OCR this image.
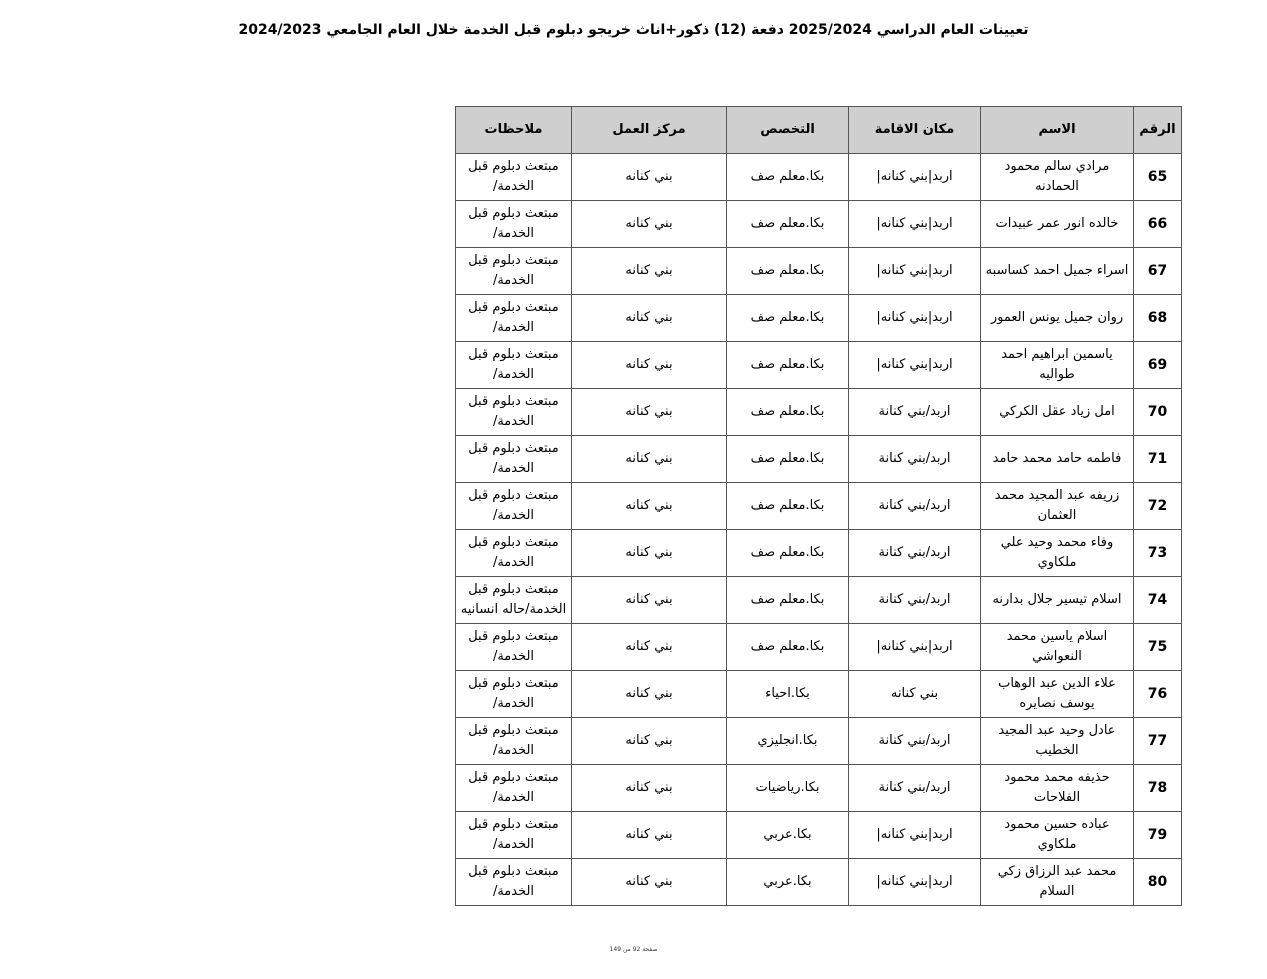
تعيينات العام الدراسي 2025/2024 دفعة (12) ذكور+اناث خريجو دبلوم قبل الخدمة خلال العام الجامعي 2024/2023
الرقم	الاسم	مكان الاقامة	التخصص	مركز العمل	ملاحظات
65	مرادي سالم محمود الحمادنه	اربد|بني كنانه|	بكا.معلم صف	بني كنانه	مبتعث دبلوم قبل الخدمة/
66	خالده انور عمر عبيدات	اربد|بني كنانه|	بكا.معلم صف	بني كنانه	مبتعث دبلوم قبل الخدمة/
67	اسراء جميل احمد كساسبه	اربد|بني كنانه|	بكا.معلم صف	بني كنانه	مبتعث دبلوم قبل الخدمة/
68	روان جميل يونس العمور	اربد|بني كنانه|	بكا.معلم صف	بني كنانه	مبتعث دبلوم قبل الخدمة/
69	ياسمين ابراهيم احمد طواليه	اربد|بني كنانه|	بكا.معلم صف	بني كنانه	مبتعث دبلوم قبل الخدمة/
70	امل زياد عقل الكركي	اربد/بني كنانة	بكا.معلم صف	بني كنانه	مبتعث دبلوم قبل الخدمة/
71	فاطمه حامد محمد حامد	اربد/بني كنانة	بكا.معلم صف	بني كنانه	مبتعث دبلوم قبل الخدمة/
72	زريفه عبد المجيد محمد العثمان	اربد/بني كنانة	بكا.معلم صف	بني كنانه	مبتعث دبلوم قبل الخدمة/
73	وفاء محمد وحيد علي ملكاوي	اربد/بني كنانة	بكا.معلم صف	بني كنانه	مبتعث دبلوم قبل الخدمة/
74	اسلام تيسير جلال بدارنه	اربد/بني كنانة	بكا.معلم صف	بني كنانه	مبتعث دبلوم قبل الخدمة/حاله انسانيه
75	اسلام ياسين محمد النعواشي	اربد|بني كنانه|	بكا.معلم صف	بني كنانه	مبتعث دبلوم قبل الخدمة/
76	علاء الدين عبد الوهاب يوسف نصايره	بني كنانه	بكا.احياء	بني كنانه	مبتعث دبلوم قبل الخدمة/
77	عادل وحيد عبد المجيد الخطيب	اربد/بني كنانة	بكا.انجليزي	بني كنانه	مبتعث دبلوم قبل الخدمة/
78	حذيفه محمد محمود الفلاحات	اربد/بني كنانة	بكا.رياضيات	بني كنانه	مبتعث دبلوم قبل الخدمة/
79	عباده حسين محمود ملكاوي	اربد|بني كنانه|	بكا.عربي	بني كنانه	مبتعث دبلوم قبل الخدمة/
80	محمد عبد الرزاق زكي السلام	اربد|بني كنانه|	بكا.عربي	بني كنانه	مبتعث دبلوم قبل الخدمة/
صفحة 92 من 149
